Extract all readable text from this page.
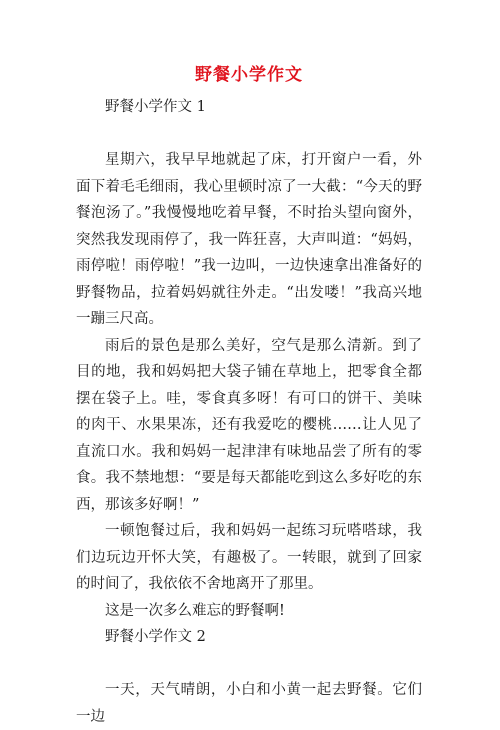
野餐小学作文

野餐小学作文 1

星期六，我早早地就起了床，打开窗户一看，外面下着毛毛细雨，我心里顿时凉了一大截：“今天的野餐泡汤了。”我慢慢地吃着早餐，不时抬头望向窗外，突然我发现雨停了，我一阵狂喜，大声叫道：“妈妈，雨停啦！雨停啦！”我一边叫，一边快速拿出准备好的野餐物品，拉着妈妈就往外走。“出发喽！”我高兴地一蹦三尺高。

雨后的景色是那么美好，空气是那么清新。到了目的地，我和妈妈把大袋子铺在草地上，把零食全都摆在袋子上。哇，零食真多呀！有可口的饼干、美味的肉干、水果果冻，还有我爱吃的樱桃……让人见了直流口水。我和妈妈一起津津有味地品尝了所有的零食。我不禁地想：“要是每天都能吃到这么多好吃的东西，那该多好啊！”

一顿饱餐过后，我和妈妈一起练习玩嗒嗒球，我们边玩边开怀大笑，有趣极了。一转眼，就到了回家的时间了，我依依不舍地离开了那里。

这是一次多么难忘的野餐啊!

野餐小学作文 2

一天，天气晴朗，小白和小黄一起去野餐。它们一边
